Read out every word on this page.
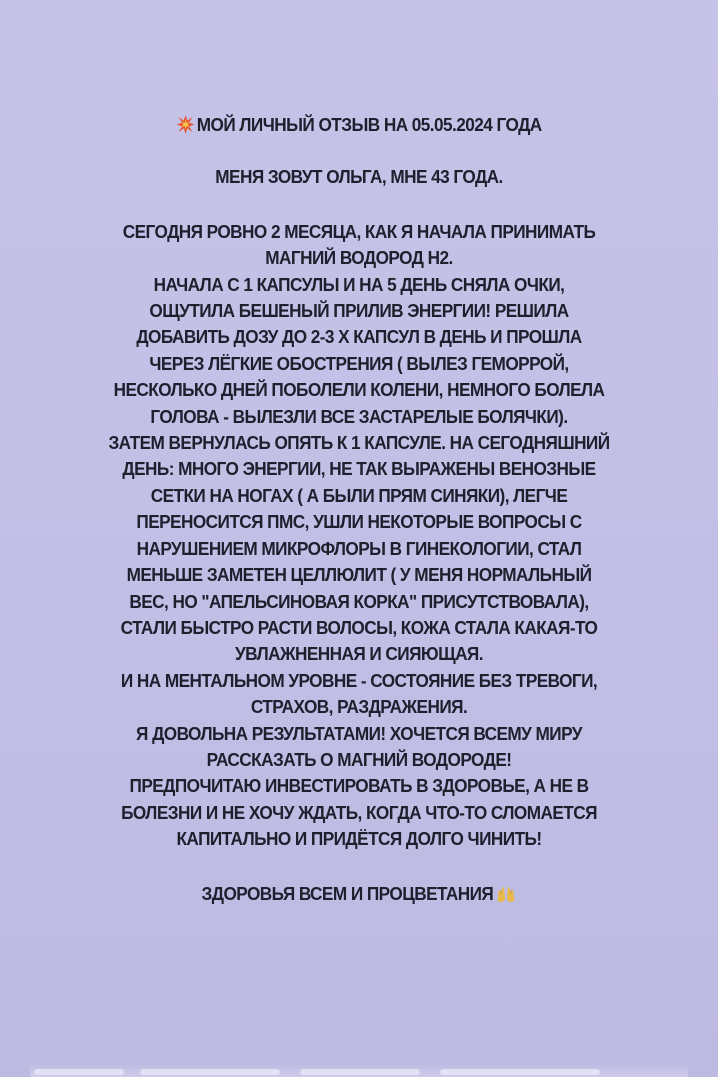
МОЙ ЛИЧНЫЙ ОТЗЫВ НА 05.05.2024 ГОДА
МЕНЯ ЗОВУТ ОЛЬГА, МНЕ 43 ГОДА.
СЕГОДНЯ РОВНО 2 МЕСЯЦА, КАК Я НАЧАЛА ПРИНИМАТЬ
МАГНИЙ ВОДОРОД Н2.
НАЧАЛА С 1 КАПСУЛЫ И НА 5 ДЕНЬ СНЯЛА ОЧКИ,
ОЩУТИЛА БЕШЕНЫЙ ПРИЛИВ ЭНЕРГИИ! РЕШИЛА
ДОБАВИТЬ ДОЗУ ДО 2-3 Х КАПСУЛ В ДЕНЬ И ПРОШЛА
ЧЕРЕЗ ЛЁГКИЕ ОБОСТРЕНИЯ ( ВЫЛЕЗ ГЕМОРРОЙ,
НЕСКОЛЬКО ДНЕЙ ПОБОЛЕЛИ КОЛЕНИ, НЕМНОГО БОЛЕЛА
ГОЛОВА - ВЫЛЕЗЛИ ВСЕ ЗАСТАРЕЛЫЕ БОЛЯЧКИ).
ЗАТЕМ ВЕРНУЛАСЬ ОПЯТЬ К 1 КАПСУЛЕ. НА СЕГОДНЯШНИЙ
ДЕНЬ: МНОГО ЭНЕРГИИ, НЕ ТАК ВЫРАЖЕНЫ ВЕНОЗНЫЕ
СЕТКИ НА НОГАХ ( А БЫЛИ ПРЯМ СИНЯКИ), ЛЕГЧЕ
ПЕРЕНОСИТСЯ ПМС, УШЛИ НЕКОТОРЫЕ ВОПРОСЫ С
НАРУШЕНИЕМ МИКРОФЛОРЫ В ГИНЕКОЛОГИИ, СТАЛ
МЕНЬШЕ ЗАМЕТЕН ЦЕЛЛЮЛИТ ( У МЕНЯ НОРМАЛЬНЫЙ
ВЕС, НО "АПЕЛЬСИНОВАЯ КОРКА" ПРИСУТСТВОВАЛА),
СТАЛИ БЫСТРО РАСТИ ВОЛОСЫ, КОЖА СТАЛА КАКАЯ-ТО
УВЛАЖНЕННАЯ И СИЯЮЩАЯ.
И НА МЕНТАЛЬНОМ УРОВНЕ - СОСТОЯНИЕ БЕЗ ТРЕВОГИ,
СТРАХОВ, РАЗДРАЖЕНИЯ.
Я ДОВОЛЬНА РЕЗУЛЬТАТАМИ! ХОЧЕТСЯ ВСЕМУ МИРУ
РАССКАЗАТЬ О МАГНИЙ ВОДОРОДЕ!
ПРЕДПОЧИТАЮ ИНВЕСТИРОВАТЬ В ЗДОРОВЬЕ, А НЕ В
БОЛЕЗНИ И НЕ ХОЧУ ЖДАТЬ, КОГДА ЧТО-ТО СЛОМАЕТСЯ
КАПИТАЛЬНО И ПРИДЁТСЯ ДОЛГО ЧИНИТЬ!
ЗДОРОВЬЯ ВСЕМ И ПРОЦВЕТАНИЯ
